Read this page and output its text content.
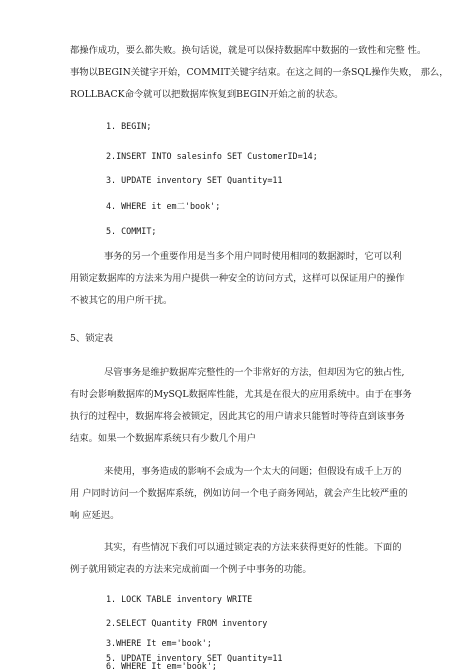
都操作成功，要么都失败。换句话说，就是可以保持数据库中数据的一致性和完整 性。
事物以BEGIN关键字开始，COMMIT关键字结束。在这之间的一条SQL操作失败， 那么，
ROLLBACK命令就可以把数据库恢复到BEGIN开始之前的状态。
1. BEGIN;
2.INSERT INTO salesinfo SET CustomerID=14;
3. UPDATE inventory SET Quantity=11
4. WHERE it em二'book';
5. COMMIT;
事务的另一个重要作用是当多个用户同时使用相同的数据源时，它可以利
用锁定数据库的方法来为用户提供一种安全的访问方式，这样可以保证用户的操作
不被其它的用户所干扰。
5、锁定表
尽管事务是维护数据库完整性的一个非常好的方法，但却因为它的独占性,
有时会影响数据库的MySQL数据库性能，尤其是在很大的应用系统中。由于在事务
执行的过程中，数据库将会被锁定，因此其它的用户请求只能暂时等待直到该事务
结束。如果一个数据库系统只有少数几个用户
来使用，事务造成的影响不会成为一个太大的问题；但假设有成千上万的
用 户同时访问一个数据库系统，例如访问一个电子商务网站，就会产生比较严重的
响 应延迟。
其实，有些情况下我们可以通过锁定表的方法来获得更好的性能。下面的
例子就用锁定表的方法来完成前面一个例子中事务的功能。
1. LOCK TABLE inventory WRITE
2.SELECT Quantity FROM inventory
3.WHERE It em='book';
5. UPDATE inventory SET Quantity=11
6. WHERE It em='book';
